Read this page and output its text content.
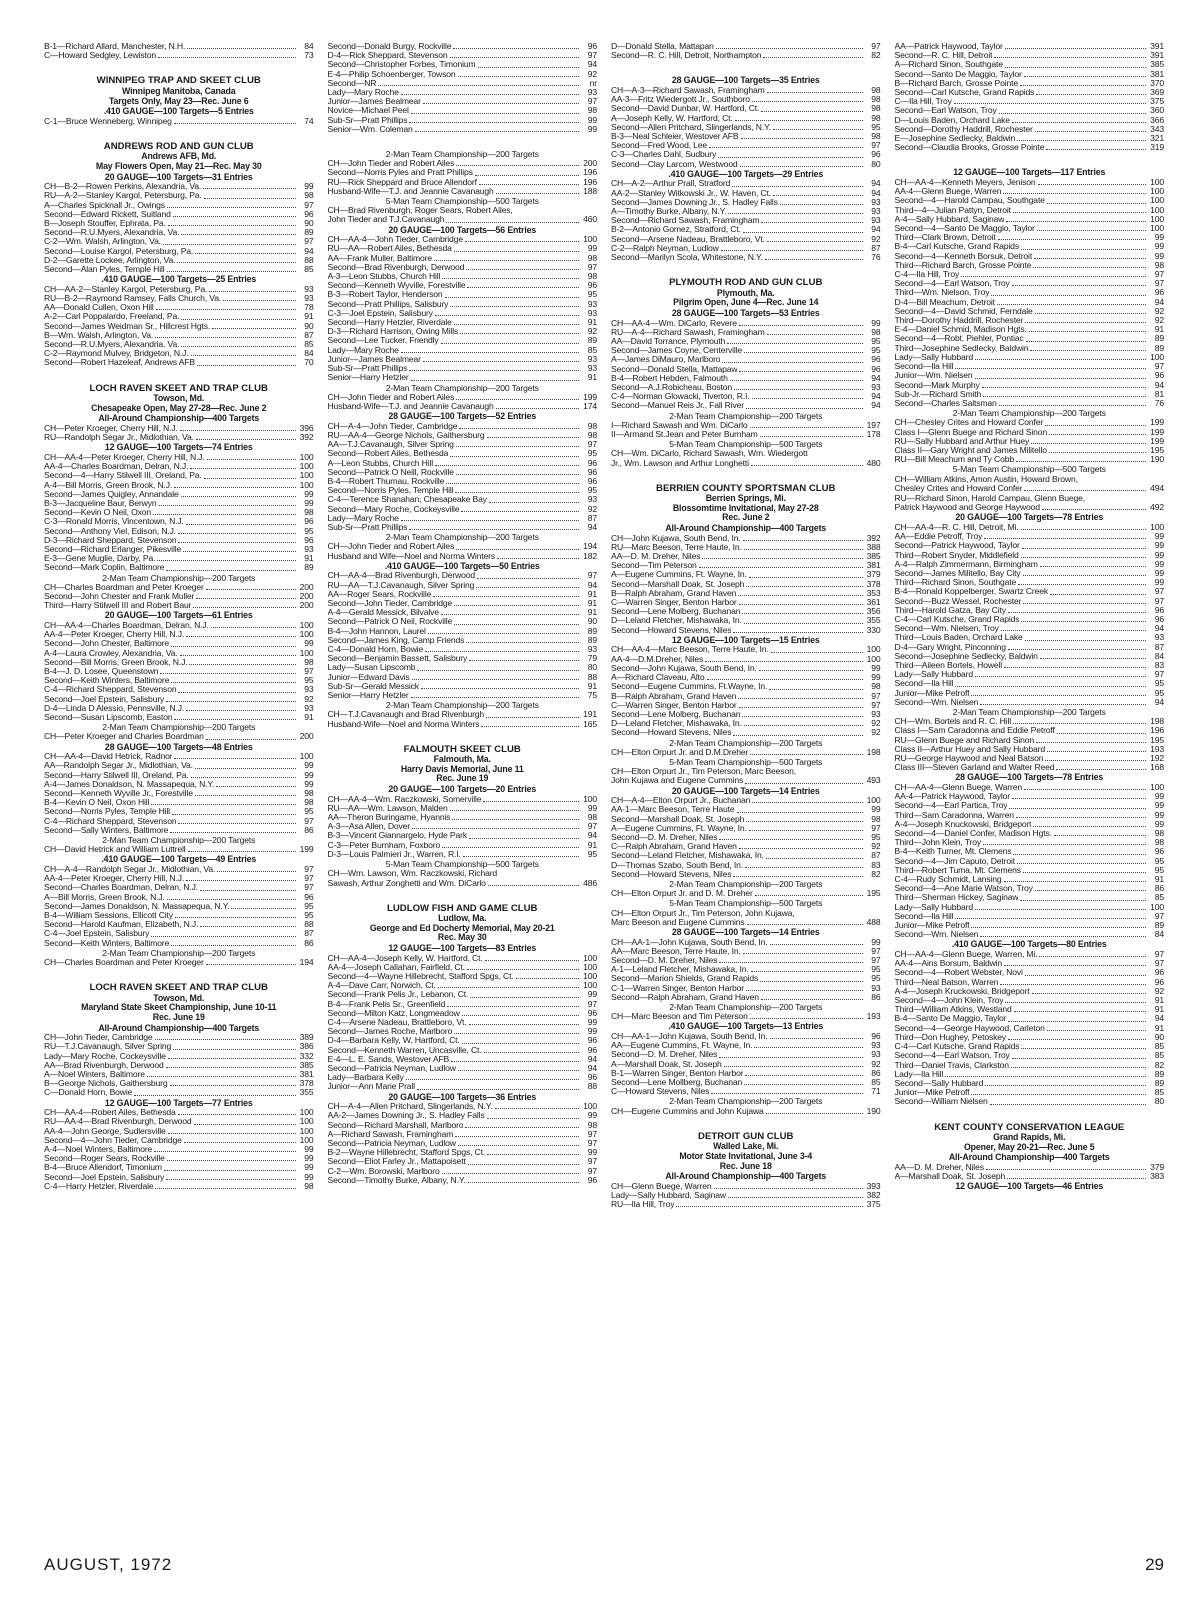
B-1—Richard Allard, Manchester, N.H.	84
C—Howard Sedgley, Lewiston	73
WINNIPEG TRAP AND SKEET CLUB
Winnipeg Manitoba, Canada
Targets Only, May 23—Rec. June 6
.410 GAUGE—100 Targets—5 Entries
C-1—Bruce Wenneberg, Winnipeg	74
ANDREWS ROD AND GUN CLUB
Andrews AFB, Md.
May Flowers Open, May 21—Rec. May 30
20 GAUGE—100 Targets—31 Entries
CH—B-2—Rowen Perkins, Alexandria, Va.	99
RU—A-2—Stanley Kargol, Petersburg, Pa.	98
A—Charles Spicknall Jr., Owings	97
Second—Edward Rickett, Suitland	96
B—Joseph Stouffer, Ephrata, Pa.	90
Second—R.U.Myers, Alexandria, Va.	89
C-2—Wm. Walsh, Arlington, Va.	97
Second—Louise Kargol, Petersburg, Pa.	94
D-2—Garette Lockee, Arlington, Va.	88
Second—Alan Pyles, Temple Hill	85
.410 GAUGE—100 Targets—25 Entries
CH—AA-2—Stanley Kargol, Petersburg, Pa.	93
RU—B-2—Raymond Ramsey, Falls Church, Va.	93
AA—Donald Cullen, Oxon Hill	78
A-2—Carl Poppalardo, Freeland, Pa.	91
Second—James Weidman Sr., Hillcrest Hgts.	90
B—Wm. Walsh, Arlington, Va.	87
Second—R.U.Myers, Alexandria, Va.	85
C-2—Raymond Mulvey, Bridgeton, N.J.	84
Second—Robert Hazeleaf, Andrews AFB	70
LOCH RAVEN SKEET AND TRAP CLUB
Towson, Md.
Chesapeake Open, May 27-28—Rec. June 2
All-Around Championship—400 Targets
CH—Peter Kroeger, Cherry Hill, N.J.	396
RU—Randolph Segar Jr., Midlothian, Va.	392
12 GAUGE—100 Targets—74 Entries
CH—AA-4—Peter Kroeger, Cherry Hill, N.J.	100
AA-4—Charles Boardman, Delran, N.J.	100
Second—4—Harry Stilwell III, Oreland, Pa.	100
A-4—Bill Morris, Green Brook, N.J.	100
Second—James Quigley, Annandale	99
B-3—Jacqueline Baur, Berwyn	99
Second—Kevin O Neil, Oxon	98
C-3—Ronald Morris, Vincentown, N.J.	96
Second—Anthony Viel, Edison, N.J.	95
D-3—Richard Sheppard, Stevenson	96
Second—Richard Erlanger, Pikesville	93
E-3—Gene Muglie, Darby, Pa.	91
Second—Mark Coplin, Baltimore	89
2-Man Team Championship—200 Targets
CH—Charles Boardman and Peter Kroeger	200
Second—John Chester and Frank Muller	200
Third—Harry Stilwell III and Robert Baur	200
20 GAUGE—100 Targets—61 Entries
CH—AA-4—Charles Boardman, Delran, N.J.	100
AA-4—Peter Kroeger, Cherry Hill, N.J.	100
Second—John Chester, Baltimore	99
A-4—Laura Crowley, Alexandria, Va.	100
Second—Bill Morris, Green Brook, N.J.	98
B-4—J. D. Losee, Queenstown	97
Second—Keith Winters, Baltimore	95
C-4—Richard Sheppard, Stevenson	93
Second—Joel Epstein, Salisbury	92
D-4—Linda D Alessio, Pennsville, N.J.	93
Second—Susan Lipscomb, Easton	91
2-Man Team Championship—200 Targets
CH—Peter Kroeger and Charles Boardman	200
28 GAUGE—100 Targets—48 Entries
CH—AA-4—David Hetrick, Radnor	100
AA—Randolph Segar Jr., Midlothian, Va.	99
Second—Harry Stilwell III, Oreland, Pa.	99
A-4—James Donaldson, N. Massapequa, N.Y.	99
Second—Kenneth Wyville Jr., Forestville	98
B-4—Kevin O Neil, Oxon Hill	98
Second—Norris Pyles, Temple Hill	95
C-4—Richard Sheppard, Stevenson	97
Second—Sally Winters, Baltimore	86
2-Man Team Championship—200 Targets
CH—David Hetrick and William Luttrell	199
.410 GAUGE—100 Targets—49 Entries
CH—A-4—Randolph Segar Jr., Midlothian, Va.	97
AA-4—Peter Kroeger, Cherry Hill, N.J.	97
Second—Charles Boardman, Delran, N.J.	97
A—Bill Morris, Green Brook, N.J.	96
Second—James Donaldson, N. Massapequa, N.Y.	95
B-4—William Sessions, Ellicott City	95
Second—Harold Kaufman, Elizabeth, N.J.	88
C-4—Joel Epstein, Salisbury	87
Second—Keith Winters, Baltimore	86
2-Man Team Championship—200 Targets
CH—Charles Boardman and Peter Kroeger	194
LOCH RAVEN SKEET AND TRAP CLUB
Towson, Md.
Maryland State Skeet Championship, June 10-11
Rec. June 19
All-Around Championship—400 Targets
CH—John Tieder, Cambridge	389
RU—T.J.Cavanaugh, Silver Spring	386
Lady—Mary Roche, Cockeysville	332
AA—Brad Rivenburgh, Derwood	385
A—Noel Winters, Baltimore	381
B—George Nichols, Gaithersburg	378
C—Donald Horn, Bowie	355
12 GAUGE—100 Targets—77 Entries
CH—AA-4—Robert Ailes, Bethesda	100
RU—AA-4—Brad Rivenburgh, Derwood	100
AA-4—John George, Sudlersville	100
Second—4—John Tieder, Cambridge	100
A-4—Noel Winters, Baltimore	99
Second—Roger Sears, Rockville	99
B-4—Bruce Allendorf, Timonium	99
Second—Joel Epstein, Salisbury	99
C-4—Harry Hetzler, Riverdale	98
Second—Donald Burgy, Rockville	96
D-4—Rick Sheppard, Stevenson	97
Second—Christopher Forbes, Timonium	94
E-4—Philip Schoenberger, Towson	92
Second—NR	nr
Lady—Mary Roche	93
Junior—James Bealmear	97
Novice—Michael Peel	98
Sub-Sr—Pratt Phillips	99
Senior—Wm. Coleman	99
2-Man Team Championship—200 Targets
CH—John Tieder and Robert Ailes	200
Second—Norris Pyles and Pratt Phillips	196
RU—Rick Sheppard and Bruce Allendorf	196
Husband-Wife—T.J. and Jeannie Cavanaugh	188
5-Man Team Championship—500 Targets
CH—Brad Rivenburgh, Roger Sears, Robert Ailes,
John Tieder and T.J.Cavanaugh	460
20 GAUGE—100 Targets—56 Entries
CH—AA-4—John Tieder, Cambridge	100
RU—AA—Robert Ailes, Bethesda	99
AA—Frank Muller, Baltimore	98
Second—Brad Rivenburgh, Derwood	97
A-3—Leon Stubbs, Church Hill	98
Second—Kenneth Wyville, Forestville	96
B-3—Robert Taylor, Henderson	95
Second—Pratt Phillips, Salisbury	93
C-3—Joel Epstein, Salisbury	93
Second—Harry Hetzler, Riverdale	91
D-3—Richard Harrison, Owing Mills	92
Second—Lee Tucker, Friendly	89
Lady—Mary Roche	85
Junior—James Bealmear	93
Sub-Sr—Pratt Phillips	93
Senior—Harry Hetzler	91
2-Man Team Championship—200 Targets
CH—John Tieder and Robert Ailes	199
Husband-Wife—T.J. and Jeannie Cavanaugh	174
28 GAUGE—100 Targets—52 Entries
CH—A-4—John Tieder, Cambridge	98
RU—AA-4—George Nichols, Gaithersburg	98
AA—T.J.Cavanaugh, Silver Spring	97
Second—Robert Ailes, Bethesda	95
A—Leon Stubbs, Church Hill	96
Second—Patrick O Neill, Rockville	96
B-4—Robert Thurnau, Rockville	96
Second—Norris Pyles, Temple Hill	95
C-4—Terence Shanahan, Chesapeake Bay	93
Second—Mary Roche, Cockeysville	92
Lady—Mary Roche	87
Sub-Sr—Pratt Phillips	94
2-Man Team Championship—200 Targets
CH—John Tieder and Robert Ailes	194
Husband and Wife—Noel and Norma Winters	182
.410 GAUGE—100 Targets—50 Entries
CH—AA-4—Brad Rivenburgh, Derwood	97
RU—AA—T.J.Cavanaugh, Silver Spring	94
AA—Roger Sears, Rockville	91
Second—John Tieder, Cambridge	91
A-4—Gerald Messick, Bilvalve	91
Second—Patrick O Neil, Rockville	90
B-4—John Hannon, Laurel	89
Second—James King, Camp Friends	89
C-4—Donald Horn, Bowie	93
Second—Benjamin Bassett, Salisbury	79
Lady—Susan Lipscomb	80
Junior—Edward Davis	88
Sub-Sr—Gerald Messick	91
Senior—Harry Hetzler	75
2-Man Team Championship—200 Targets
CH—T.J.Cavanaugh and Brad Rivenburgh	191
Husband-Wife—Noel and Norma Winters	165
FALMOUTH SKEET CLUB
Falmouth, Ma.
Harry Davis Memorial, June 11
Rec. June 19
20 GAUGE—100 Targets—20 Entries
CH—AA-4—Wm. Raczkowski, Somerville	100
RU—AA—Wm. Lawson, Malden	99
AA—Theron Buringame, Hyannis	98
A-3—Asa Allen, Dover	97
B-3—Vincent Giannargelo, Hyde Park	94
C-3—Peter Burnham, Foxboro	91
D-3—Louis Palmieri Jr., Warren, R.I.	95
5-Man Team Championship—500 Targets
CH—Wm. Lawson, Wm. Raczkowski, Richard
Sawash, Arthur Zonghetti and Wm. DiCarlo	486
LUDLOW FISH AND GAME CLUB
Ludlow, Ma.
George and Ed Docherty Memorial, May 20-21
Rec. May 30
12 GAUGE—100 Targets—83 Entries
CH—AA-4—Joseph Kelly, W. Hartford, Ct.	100
AA-4—Joseph Callahan, Fairfield, Ct.	100
Second—4—Wayne Hillebrecht, Stafford Spgs, Ct.	100
A-4—Dave Carr, Norwich, Ct.	100
Second—Frank Pelis Jr., Lebanon, Ct.	99
B-4—Frank Pelis Sr., Greenfield	97
Second—Milton Katz, Longmeadow	96
C-4—Arsene Nadeau, Brattleboro, Vt.	99
Second—James Roche, Marlboro	99
D-4—Barbara Kelly, W. Hartford, Ct.	96
Second—Kenneth Warren, Uncasville, Ct.	96
E-4—L. E. Sands, Westover AFB	94
Second—Patricia Neyman, Ludlow	94
Lady—Barbara Kelly	96
Junior—Ann Marie Prall	88
20 GAUGE—100 Targets—36 Entries
CH—A-4—Allen Pritchard, Slingerlands, N.Y.	100
AA-2—James Downing Jr., S. Hadley Falls	99
Second—Richard Marshall, Marlboro	98
A—Richard Sawash, Framingham	97
Second—Patricia Neyman, Ludlow	97
B-2—Wayne Hillebrecht, Stafford Spgs, Ct.	99
Second—Eliot Farley Jr., Mattapoisett	97
C-2—Wm. Borowski, Marlboro	97
Second—Timothy Burke, Albany, N.Y.	96
D—Donald Stella, Mattapan	97
Second—R. C. Hill, Detroit, Northampton	82
28 GAUGE—100 Targets—35 Entries
CH—A-3—Richard Sawash, Framingham	98
AA-3—Fritz Wiedergott Jr., Southboro	98
Second—David Dunbar, W. Hartford, Ct.	98
A—Joseph Kelly, W. Hartford, Ct.	98
Second—Allen Pritchard, Slingerlands, N.Y.	95
B-3—Neal Schleier, Westover AFB	98
Second—Fred Wood, Lee	97
C-3—Charles Dahl, Sudbury	96
Second—Clay Larcom, Westwood	80
.410 GAUGE—100 Targets—29 Entries
CH—A-2—Arthur Prall, Stratford	94
AA-2—Stanley Witkowski Jr., W. Haven, Ct.	94
Second—James Downing Jr., S. Hadley Falls	93
A—Timothy Burke, Albany, N.Y.	93
Second—Richard Sawash, Framingham	93
B-2—Antonio Gomez, Stratford, Ct.	94
Second—Arsene Nadeau, Brattleboro, Vt.	92
C-2—Ralph Neyman, Ludlow	87
Second—Marilyn Scola, Whitestone, N.Y.	76
PLYMOUTH ROD AND GUN CLUB
Plymouth, Ma.
Pilgrim Open, June 4—Rec. June 14
28 GAUGE—100 Targets—53 Entries
CH—AA-4—Wm. DiCarlo, Revere	99
RU—A-4—Richard Sawash, Framingham	98
AA—David Torrance, Plymouth	95
Second—James Coyne, Centerville	95
A—James DiMauro, Marlboro	96
Second—Donald Stella, Mattapaw	96
B-4—Robert Hebden, Falmouth	94
Second—A.J.Robicheau, Boston	93
C-4—Norman Glowacki, Tiverton, R.I.	94
Second—Manuel Reis Jr., Fall River	94
2-Man Team Championship—200 Targets
I—Richard Sawash and Wm. DiCarlo	197
II—Armand St.Jean and Peter Burnham	178
5-Man Team Championship—500 Targets
CH—Wm. DiCarlo, Richard Sawash, Wm. Wiedergott
Jr., Wm. Lawson and Arthur Longhetti	480
BERRIEN COUNTY SPORTSMAN CLUB
Berrien Springs, Mi.
Blossomtime Invitational, May 27-28
Rec. June 2
All-Around Championship—400 Targets
CH—John Kujawa, South Bend, In.	392
RU—Marc Beeson, Terre Haute, In.	388
AA—D. M. Dreher, Niles	385
Second—Tim Peterson	381
A—Eugene Cummins, Ft. Wayne, In.	379
Second—Marshall Doak, St. Joseph	378
B—Ralph Abraham, Grand Haven	353
C—Warren Singer, Benton Harbor	361
Second—Lene Molberg, Buchanan	356
D—Leland Fletcher, Mishawaka, In.	355
Second—Howard Stevens, Niles	330
12 GAUGE—100 Targets—15 Entries
CH—AA-4—Marc Beeson, Terre Haute, In.	100
AA-4—D.M.Dreher, Niles	100
Second—John Kujawa, South Bend, In.	99
A—Richard Claveau, Alto	99
Second—Eugene Cummins, Ft.Wayne, In.	98
B—Ralph Abraham, Grand Haven	97
C—Warren Singer, Benton Harbor	97
Second—Lene Molberg, Buchanan	93
D—Leland Fletcher, Mishawaka, In.	92
Second—Howard Stevens, Niles	92
2-Man Team Championship—200 Targets
CH—Elton Orpurt Jr. and D.M.Dreher	198
5-Man Team Championship—500 Targets
CH—Elton Orpurt Jr., Tim Peterson, Marc Beeson,
John Kujawa and Eugene Cummins	493
20 GAUGE—100 Targets—14 Entries
CH—A-4—Elton Orpurt Jr., Buchanan	100
AA-1—Marc Beeson, Terre Haute	99
Second—Marshall Doak, St. Joseph	98
A—Eugene Cummins, Ft. Wayne, In.	97
Second—D. M. Dreher, Niles	95
C—Ralph Abraham, Grand Haven	92
Second—Leland Fletcher, Mishawaka, In.	87
D—Thomas Szabo, South Bend, In.	83
Second—Howard Stevens, Niles	82
2-Man Team Championship—200 Targets
CH—Elton Orpurt Jr. and D. M. Dreher	195
5-Man Team Championship—500 Targets
CH—Elton Orpurt Jr., Tim Peterson, John Kujawa,
Marc Beeson and Eugene Cummins	488
28 GAUGE—100 Targets—14 Entries
CH—AA-1—John Kujawa, South Bend, In.	99
AA—Marc Beeson, Terre Haute, In.	97
Second—D. M. Dreher, Niles	97
A-1—Leland Fletcher, Mishawaka, In.	95
Second—Marion Shields, Grand Rapids	95
C-1—Warren Singer, Benton Harbor	93
Second—Ralph Abraham, Grand Haven	86
2-Man Team Championship—200 Targets
CH—Marc Beeson and Tim Peterson	193
.410 GAUGE—100 Targets—13 Entries
CH—AA-1—John Kujawa, South Bend, In.	96
AA—Eugene Cummins, Ft. Wayne, In.	93
Second—D. M. Dreher, Niles	93
A—Marshall Doak, St. Joseph	92
B-1—Warren Singer, Benton Harbor	86
Second—Lene Mollberg, Buchanan	85
C—Howard Stevens, Niles	71
2-Man Team Championship—200 Targets
CH—Eugene Cummins and John Kujawa	190
DETROIT GUN CLUB
Walled Lake, Mi.
Motor State Invitational, June 3-4
Rec. June 18
All-Around Championship—400 Targets
CH—Glenn Buege, Warren	393
Lady—Sally Hubbard, Saginaw	382
RU—Ila Hill, Troy	375
AA—Patrick Haywood, Taylor	391
Second—R. C. Hill, Detroit	391
A—Richard Sinon, Southgate	385
Second—Santo De Maggio, Taylor	381
B—Richard Barch, Grosse Pointe	370
Second—Carl Kutsche, Grand Rapids	369
C—Ila Hill, Troy	375
Second—Earl Watson, Troy	360
D—Louis Baden, Orchard Lake	366
Second—Dorothy Haddrill, Rochester	343
E—Josephine Sedlecky, Baldwin	321
Second—Claudia Brooks, Grosse Pointe	319
12 GAUGE—100 Targets—117 Entries
CH—AA-4—Kenneth Meyers, Jenison	100
AA-4—Glenn Buege, Warren	100
Second—4—Harold Campau, Southgate	100
Third—4—Julian Pattyn, Detroit	100
A-4—Sally Hubbard, Saginaw	100
Second—4—Santo De Maggio, Taylor	100
Third—Clark Brown, Detroit	99
B-4—Carl Kutsche, Grand Rapids	99
Second—4—Kenneth Borsuk, Detroit	99
Third—Richard Barch, Grosse Pointe	98
C-4—Ila Hill, Troy	97
Second—4—Earl Watson, Troy	97
Third—Wm. Nielson, Troy	96
D-4—Bill Meachum, Detroit	94
Second—4—David Schmid, Ferndale	92
Third—Dorothy Haddrill, Rochester	92
E-4—Daniel Schmid, Madison Hgts.	91
Second—4—Robt. Piehler, Pontiac	89
Third—Josephine Sedlecky, Baldwin	89
Lady—Sally Hubbard	100
Second—Ila Hill	97
Junior—Wm. Nielsen	96
Second—Mark Murphy	94
Sub-Jr.—Richard Smith	81
Second—Charles Saltsman	76
2-Man Team Championship—200 Targets
CH—Chesley Crites and Howard Confer	199
Class I—Glenn Buege and Richard Sinon	199
RU—Sally Hubbard and Arthur Huey	199
Class II—Gary Wright and James Militello	195
RU—Bill Meachum and Ty Cobb	190
5-Man Team Championship—500 Targets
CH—William Atkins, Amon Austin, Howard Brown,
Chesley Crites and Howard Confer	494
RU—Richard Sinon, Harold Campau, Glenn Buege,
Patrick Haywood and George Haywood	492
20 GAUGE—100 Targets—78 Entries
CH—AA-4—R. C. Hill, Detroit, Mi.	100
AA—Eddie Petroff, Troy	99
Second—Patrick Haywood, Taylor	99
Third—Robert Snyder, Middlefield	99
A-4—Ralph Zimmermann, Birmingham	99
Second—James Militello, Bay City	99
Third—Richard Sinon, Southgate	99
B-4—Ronald Koppelberger, Swartz Creek	97
Second—Buzz Wessel, Rochester	97
Third—Harold Gatza, Bay City	96
C-4—Carl Kutsche, Grand Rapids	96
Second—Wm. Nielsen, Troy	94
Third—Louis Baden, Orchard Lake	93
D-4—Gary Wright, Pinconning	87
Second—Josephine Sedlecky, Baldwin	84
Third—Aileen Bortels, Howell	83
Lady—Sally Hubbard	97
Second—Ila Hill	95
Junior—Mike Petroff	95
Second—Wm. Nielsen	94
2-Man Team Championship—200 Targets
CH—Wm. Bortels and R. C. Hill	198
Class I—Sam Caradonna and Eddie Petroff	196
RU—Glenn Buege and Richard Sinon	195
Class II—Arthur Huey and Sally Hubbard	193
RU—George Haywood and Neal Batson	192
Class III—Steven Garland and Walter Reed	168
28 GAUGE—100 Targets—78 Entries
CH—AA-4—Glenn Buege, Warren	100
AA-4—Patrick Haywood, Taylor	99
Second—4—Earl Partica, Troy	99
Third—Sam Caradonna, Warren	99
A-4—Joseph Knuckowski, Bridgeport	99
Second—4—Daniel Confer, Madison Hgts.	98
Third—John Klein, Troy	98
B-4—Keith Turner, Mt. Clemens	96
Second—4—Jim Caputo, Detroit	95
Third—Robert Tuma, Mt. Clemens	95
C-4—Rudy Schmidt, Lansing	91
Second—4—Ane Marie Watson, Troy	86
Third—Sherman Hickey, Saginaw	85
Lady—Sally Hubbard	100
Second—Ila Hill	97
Junior—Mike Petroff	89
Second—Wm. Nielsen	84
.410 GAUGE—100 Targets—80 Entries
CH—AA-4—Glenn Buege, Warren, Mi.	97
AA-4—Ains Borsum, Baldwin	97
Second—4—Robert Webster, Novi	96
Third—Neal Batson, Warren	96
A-4—Joseph Kruckowski, Bridgeport	92
Second—4—John Klein, Troy	91
Third—William Atkins, Westland	91
B-4—Santo De Maggio, Taylor	94
Second—4—George Haywood, Carleton	91
Third—Don Hughey, Petoskey	90
C-4—Carl Kutsche, Grand Rapids	85
Second—4—Earl Watson, Troy	85
Third—Daniel Travis, Clarkston	82
Lady—Ila Hill	89
Second—Sally Hubbard	89
Junior—Mike Petroff	85
Second—William Nielsen	80
KENT COUNTY CONSERVATION LEAGUE
Grand Rapids, Mi.
Opener, May 20-21—Rec. June 5
All-Around Championship—400 Targets
AA—D. M. Dreher, Niles	379
A—Marshall Doak, St. Joseph	383
12 GAUGE—100 Targets—46 Entries
AUGUST, 1972	29
